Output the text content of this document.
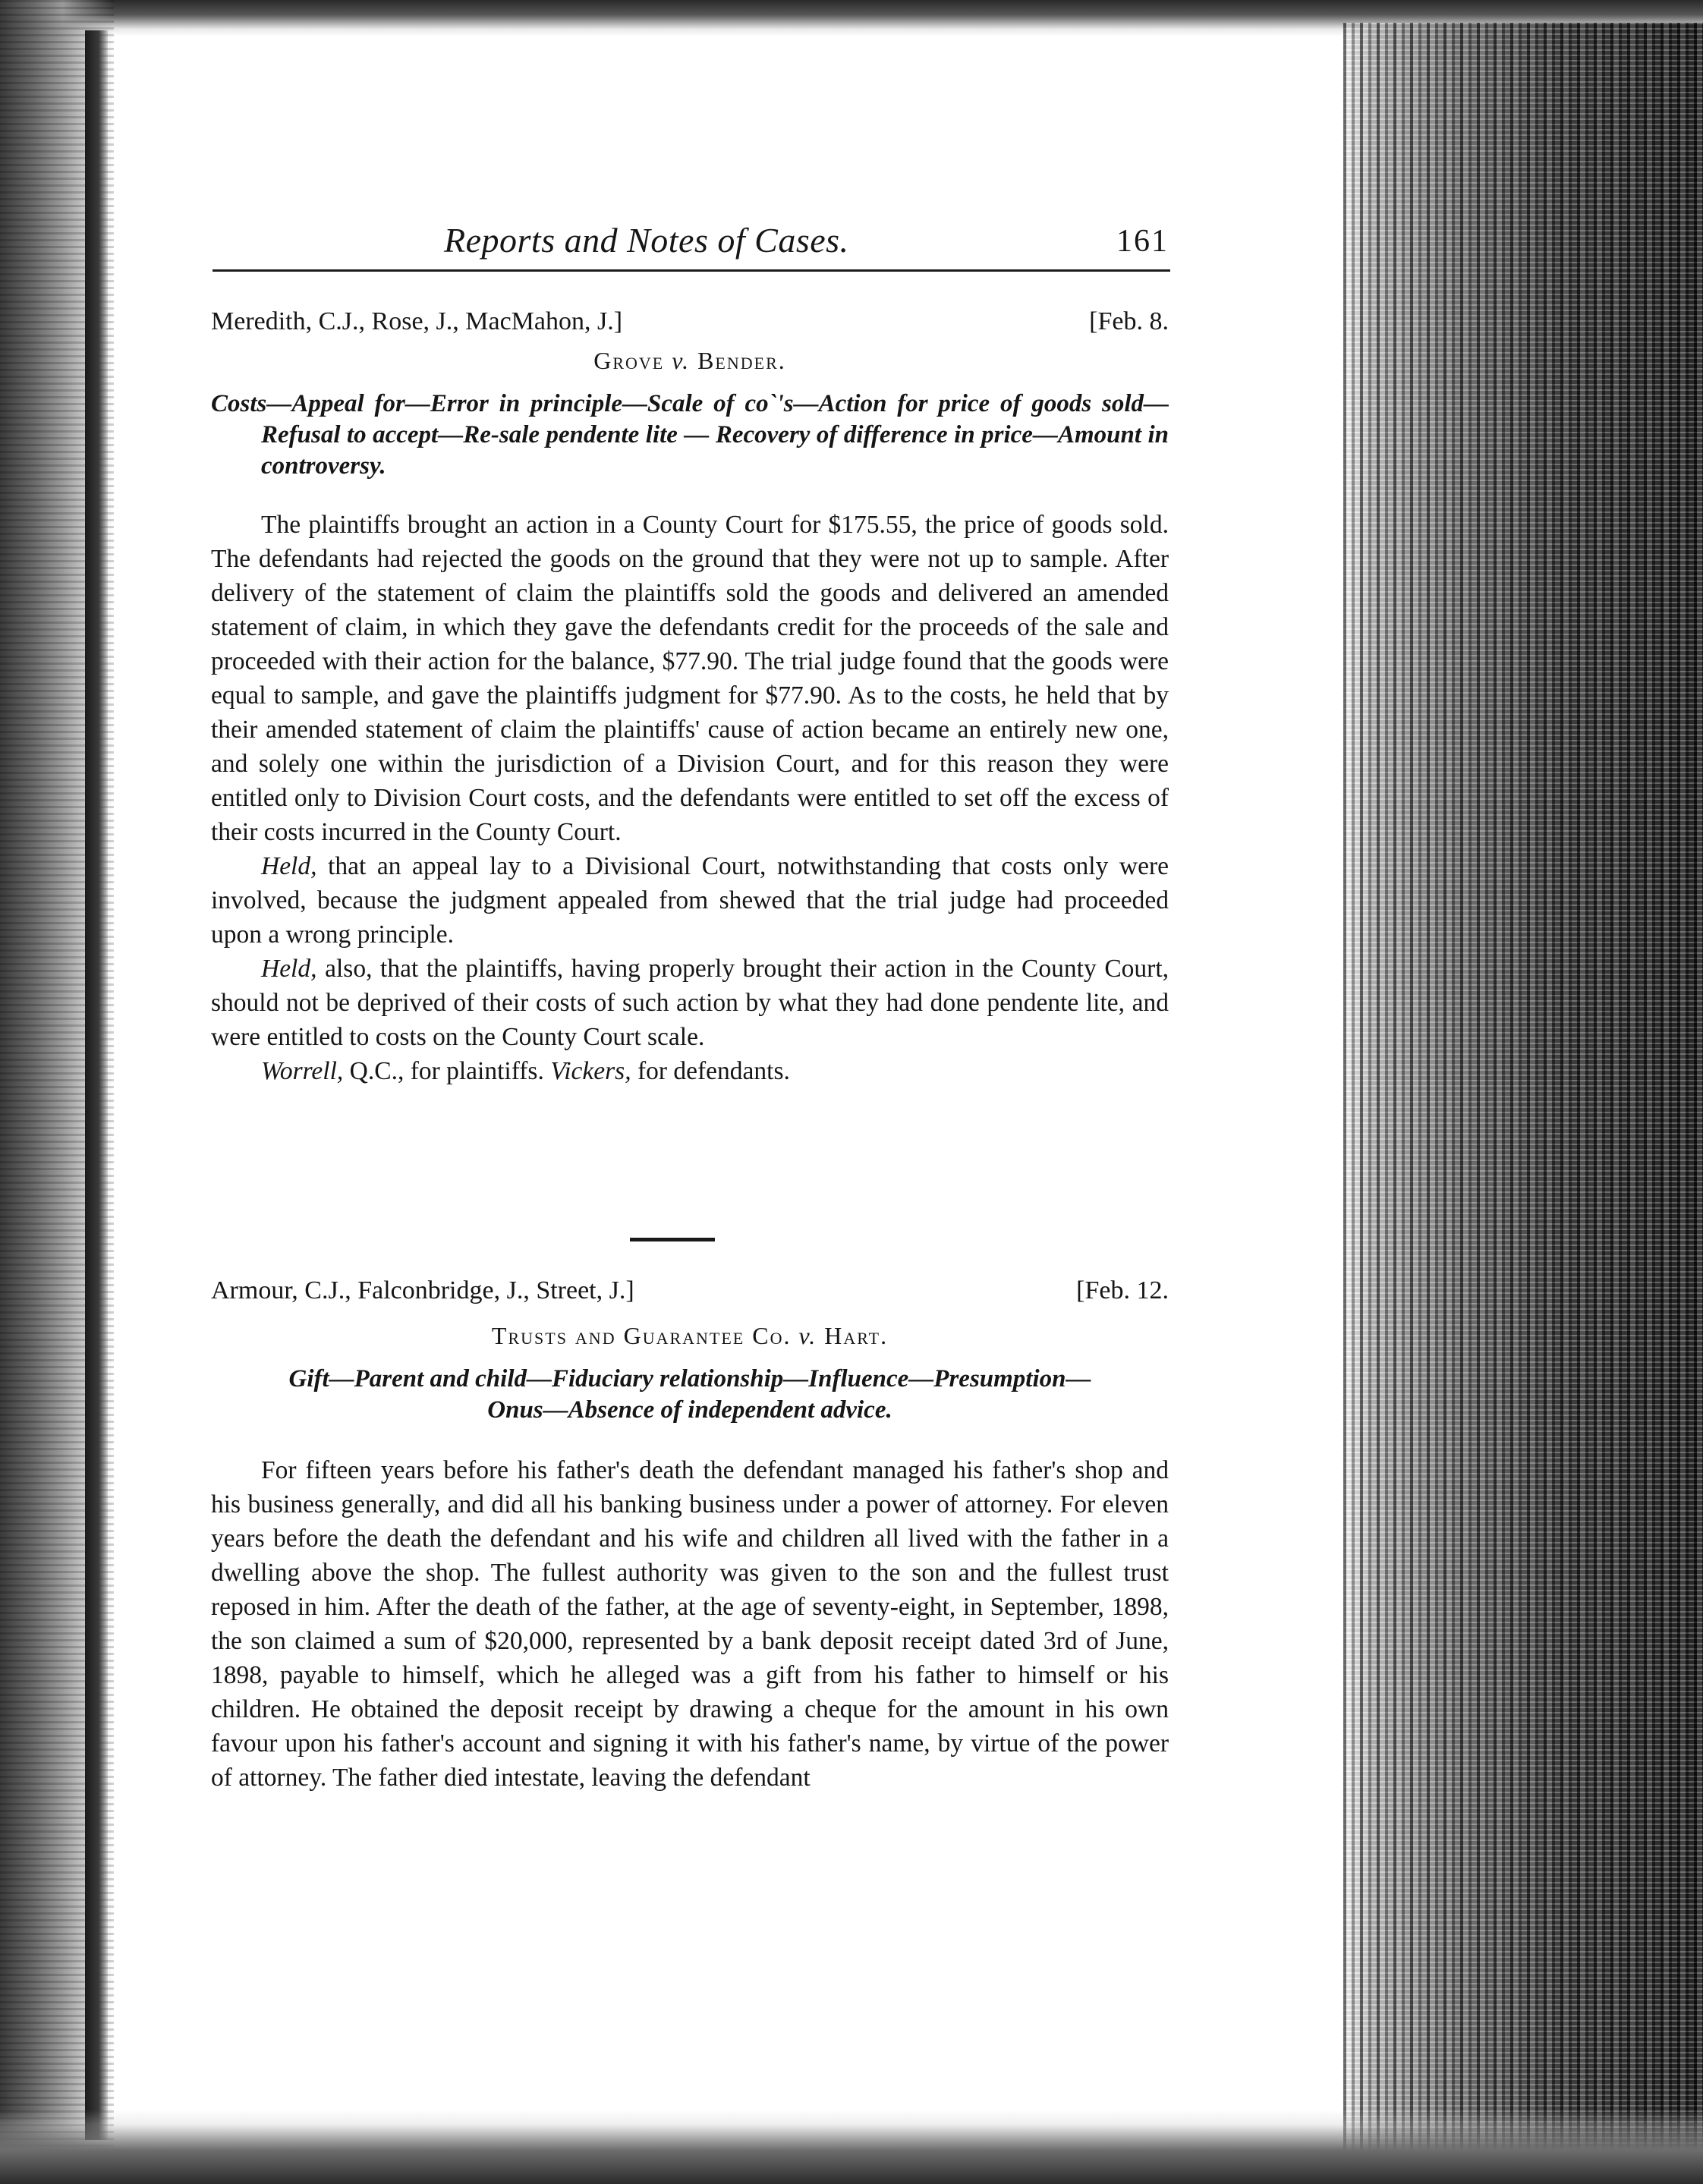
Reports and Notes of Cases.	161
Meredith, C.J., Rose, J., MacMahon, J.]	[Feb. 8.
Grove v. Bender.

Costs—Appeal for—Error in principle—Scale of co`'s—Action for price of goods sold—Refusal to accept—Re-sale pendente lite — Recovery of difference in price—Amount in controversy.

The plaintiffs brought an action in a County Court for $175.55, the price of goods sold. The defendants had rejected the goods on the ground that they were not up to sample. After delivery of the statement of claim the plaintiffs sold the goods and delivered an amended statement of claim, in which they gave the defendants credit for the proceeds of the sale and proceeded with their action for the balance, $77.90. The trial judge found that the goods were equal to sample, and gave the plaintiffs judgment for $77.90. As to the costs, he held that by their amended statement of claim the plaintiffs' cause of action became an entirely new one, and solely one within the jurisdiction of a Division Court, and for this reason they were entitled only to Division Court costs, and the defendants were entitled to set off the excess of their costs incurred in the County Court.

Held, that an appeal lay to a Divisional Court, notwithstanding that costs only were involved, because the judgment appealed from shewed that the trial judge had proceeded upon a wrong principle.

Held, also, that the plaintiffs, having properly brought their action in the County Court, should not be deprived of their costs of such action by what they had done pendente lite, and were entitled to costs on the County Court scale.

Worrell, Q.C., for plaintiffs. Vickers, for defendants.

Armour, C.J., Falconbridge, J., Street, J.]	[Feb. 12.
Trusts and Guarantee Co. v. Hart.

Gift—Parent and child—Fiduciary relationship—Influence—Presumption—
Onus—Absence of independent advice.

For fifteen years before his father's death the defendant managed his father's shop and his business generally, and did all his banking business under a power of attorney. For eleven years before the death the defendant and his wife and children all lived with the father in a dwelling above the shop. The fullest authority was given to the son and the fullest trust reposed in him. After the death of the father, at the age of seventy-eight, in September, 1898, the son claimed a sum of $20,000, represented by a bank deposit receipt dated 3rd of June, 1898, payable to himself, which he alleged was a gift from his father to himself or his children. He obtained the deposit receipt by drawing a cheque for the amount in his own favour upon his father's account and signing it with his father's name, by virtue of the power of attorney. The father died intestate, leaving the defendant
